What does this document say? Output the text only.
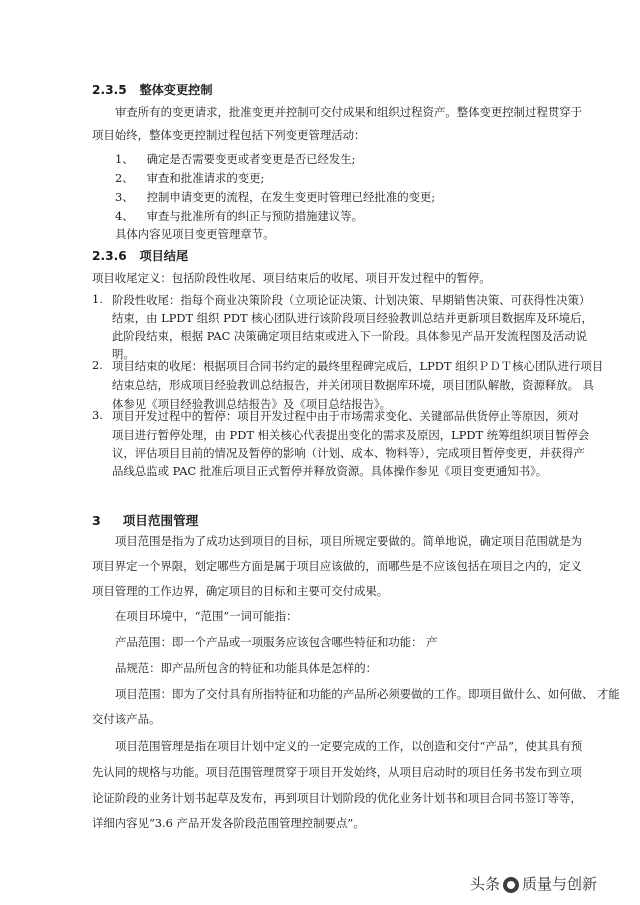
2.3.5 整体变更控制
审查所有的变更请求，批准变更并控制可交付成果和组织过程资产。整体变更控制过程贯穿于
项目始终，整体变更控制过程包括下列变更管理活动：
1、 确定是否需要变更或者变更是否已经发生;
2、 审查和批准请求的变更;
3、 控制申请变更的流程，在发生变更时管理已经批准的变更;
4、 审查与批准所有的纠正与预防措施建议等。
具体内容见项目变更管理章节。
2.3.6 项目结尾
项目收尾定义：包括阶段性收尾、项目结束后的收尾、项目开发过程中的暂停。
1. 阶段性收尾：指每个商业决策阶段（立项论证决策、计划决策、早期销售决策、可获得性决策）
结束，由 LPDT 组织 PDT 核心团队进行该阶段项目经验教训总结并更新项目数据库及环境后，
此阶段结束，根据 PAC 决策确定项目结束或进入下一阶段。具体参见产品开发流程图及活动说
明。
2. 项目结束的收尾：根据项目合同书约定的最终里程碑完成后，LPDT 组织ＰＤＴ核心团队进行项目
结束总结，形成项目经验教训总结报告，并关闭项目数据库环境，项目团队解散，资源释放。 具
体参见《项目经验教训总结报告》及《项目总结报告》。
3. 项目开发过程中的暂停：项目开发过程中由于市场需求变化、关键部品供货停止等原因，须对
项目进行暂停处理，由 PDT 相关核心代表提出变化的需求及原因，LPDT 统筹组织项目暂停会
议，评估项目目前的情况及暂停的影响（计划、成本、物料等），完成项目暂停变更，并获得产
品线总监或 PAC 批准后项目正式暂停并释放资源。具体操作参见《项目变更通知书》。
3 项目范围管理
项目范围是指为了成功达到项目的目标，项目所规定要做的。简单地说，确定项目范围就是为
项目界定一个界限，划定哪些方面是属于项目应该做的，而哪些是不应该包括在项目之内的，定义
项目管理的工作边界，确定项目的目标和主要可交付成果。
在项目环境中，“范围”一词可能指：
产品范围：即一个产品或一项服务应该包含哪些特征和功能： 产
品规范：即产品所包含的特征和功能具体是怎样的：
项目范围：即为了交付具有所指特征和功能的产品所必须要做的工作。即项目做什么、如何做、 才能
交付该产品。
项目范围管理是指在项目计划中定义的一定要完成的工作，以创造和交付“产品”，使其具有预
先认同的规格与功能。项目范围管理贯穿于项目开发始终，从项目启动时的项目任务书发布到立项
论证阶段的业务计划书起草及发布，再到项目计划阶段的优化业务计划书和项目合同书签订等等，
详细内容见“3.6 产品开发各阶段范围管理控制要点”。
头条 质量与创新
